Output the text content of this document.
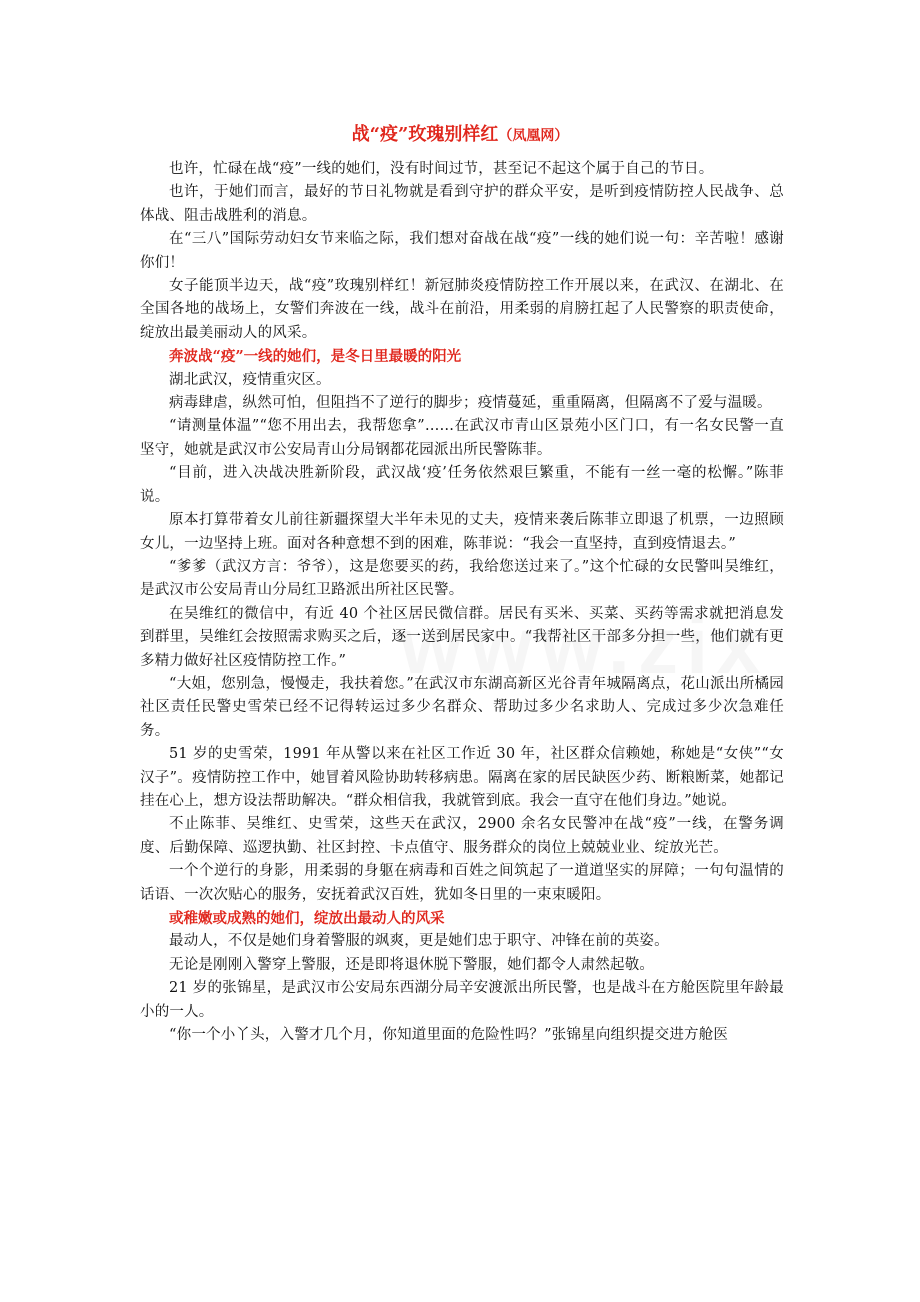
战“疫”玫瑰别样红（凤凰网）

也许，忙碌在战“疫”一线的她们，没有时间过节，甚至记不起这个属于自己的节日。

也许，于她们而言，最好的节日礼物就是看到守护的群众平安，是听到疫情防控人民战争、总体战、阻击战胜利的消息。

在“三八”国际劳动妇女节来临之际，我们想对奋战在战“疫”一线的她们说一句：辛苦啦！感谢你们！

女子能顶半边天，战“疫”玫瑰别样红！新冠肺炎疫情防控工作开展以来，在武汉、在湖北、在全国各地的战场上，女警们奔波在一线，战斗在前沿，用柔弱的肩膀扛起了人民警察的职责使命，绽放出最美丽动人的风采。

奔波战“疫”一线的她们，是冬日里最暖的阳光

湖北武汉，疫情重灾区。

病毒肆虐，纵然可怕，但阻挡不了逆行的脚步；疫情蔓延，重重隔离，但隔离不了爱与温暖。

“请测量体温”“您不用出去，我帮您拿”……在武汉市青山区景苑小区门口，有一名女民警一直坚守，她就是武汉市公安局青山分局钢都花园派出所民警陈菲。

“目前，进入决战决胜新阶段，武汉战‘疫’任务依然艰巨繁重，不能有一丝一毫的松懈。”陈菲说。

原本打算带着女儿前往新疆探望大半年未见的丈夫，疫情来袭后陈菲立即退了机票，一边照顾女儿，一边坚持上班。面对各种意想不到的困难，陈菲说：“我会一直坚持，直到疫情退去。”

“爹爹（武汉方言：爷爷），这是您要买的药，我给您送过来了。”这个忙碌的女民警叫吴维红，是武汉市公安局青山分局红卫路派出所社区民警。

在吴维红的微信中，有近 40 个社区居民微信群。居民有买米、买菜、买药等需求就把消息发到群里，吴维红会按照需求购买之后，逐一送到居民家中。“我帮社区干部多分担一些，他们就有更多精力做好社区疫情防控工作。”

“大姐，您别急，慢慢走，我扶着您。”在武汉市东湖高新区光谷青年城隔离点，花山派出所橘园社区责任民警史雪荣已经不记得转运过多少名群众、帮助过多少名求助人、完成过多少次急难任务。

51 岁的史雪荣，1991 年从警以来在社区工作近 30 年，社区群众信赖她，称她是“女侠”“女汉子”。疫情防控工作中，她冒着风险协助转移病患。隔离在家的居民缺医少药、断粮断菜，她都记挂在心上，想方设法帮助解决。“群众相信我，我就管到底。我会一直守在他们身边。”她说。

不止陈菲、吴维红、史雪荣，这些天在武汉，2900 余名女民警冲在战“疫”一线，在警务调度、后勤保障、巡逻执勤、社区封控、卡点值守、服务群众的岗位上兢兢业业、绽放光芒。

一个个逆行的身影，用柔弱的身躯在病毒和百姓之间筑起了一道道坚实的屏障；一句句温情的话语、一次次贴心的服务，安抚着武汉百姓，犹如冬日里的一束束暖阳。

或稚嫩或成熟的她们，绽放出最动人的风采

最动人，不仅是她们身着警服的飒爽，更是她们忠于职守、冲锋在前的英姿。

无论是刚刚入警穿上警服，还是即将退休脱下警服，她们都令人肃然起敬。

21 岁的张锦星，是武汉市公安局东西湖分局辛安渡派出所民警，也是战斗在方舱医院里年龄最小的一人。

“你一个小丫头，入警才几个月，你知道里面的危险性吗？”张锦星向组织提交进方舱医
